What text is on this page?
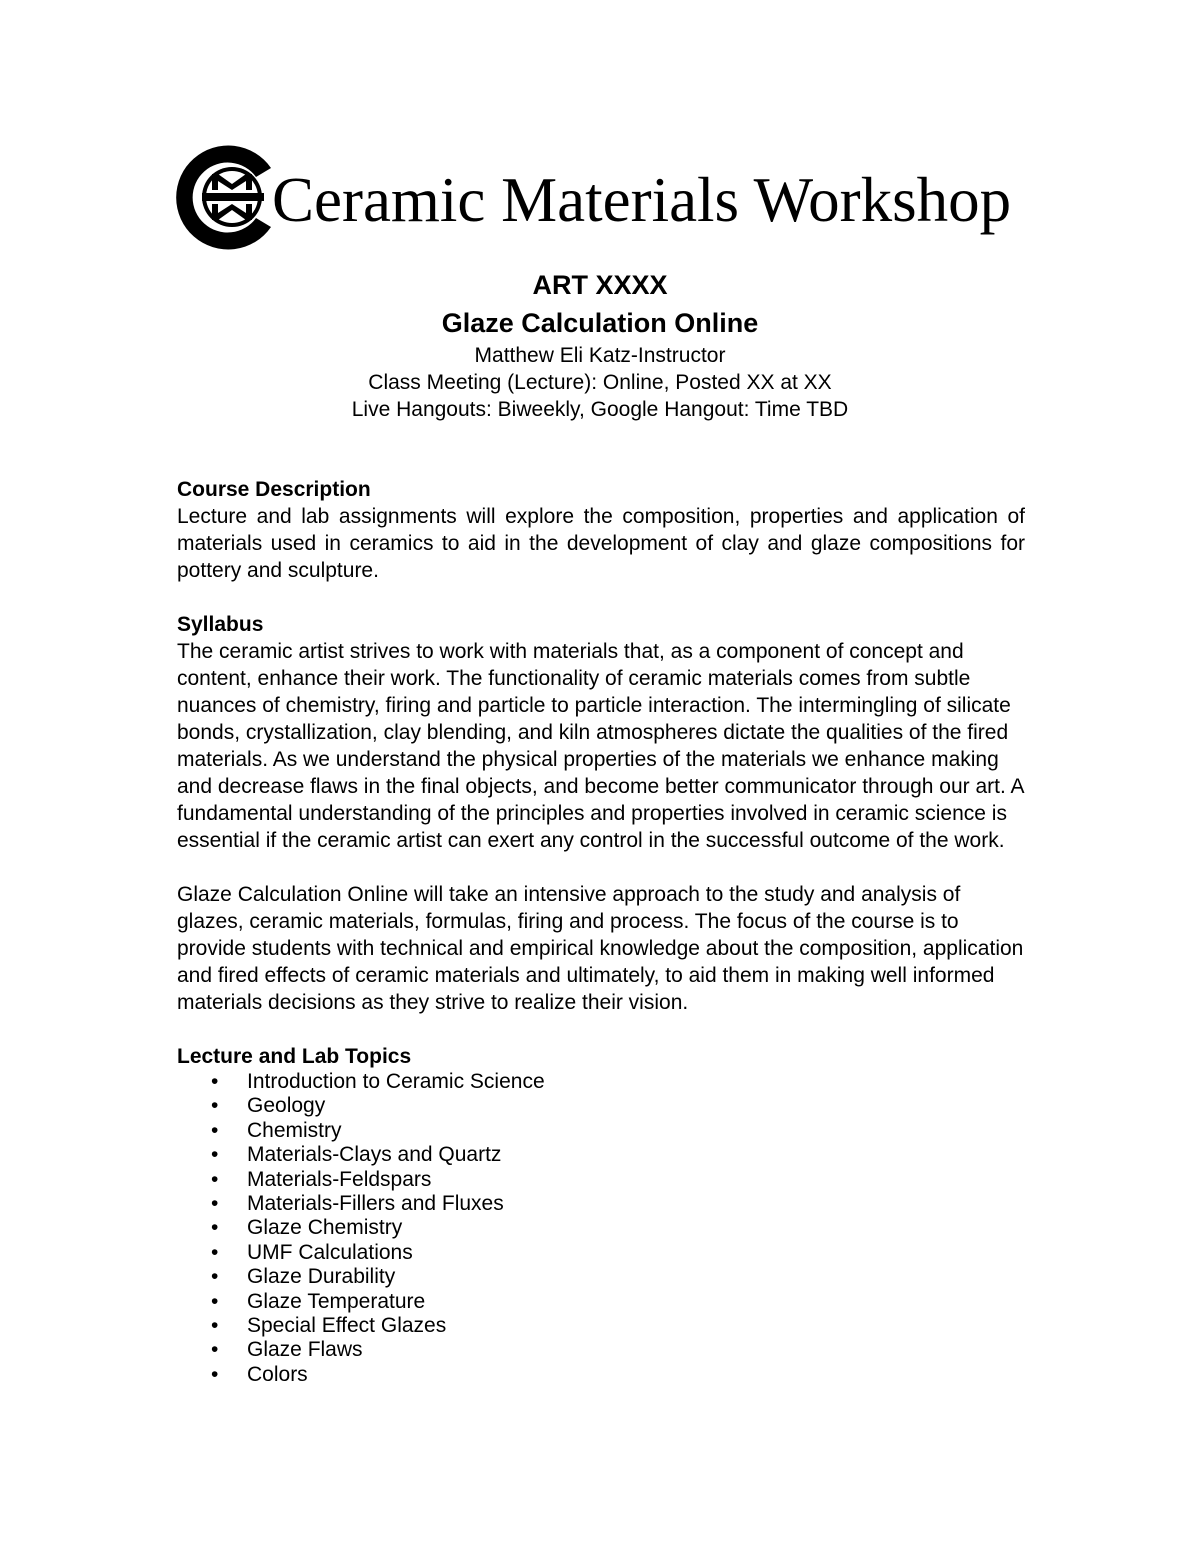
Ceramic Materials Workshop
ART XXXX
Glaze Calculation Online
Matthew Eli Katz-Instructor
Class Meeting (Lecture): Online, Posted XX at XX
Live Hangouts: Biweekly, Google Hangout: Time TBD
Course Description

Lecture and lab assignments will explore the composition, properties and application of materials used in ceramics to aid in the development of clay and glaze compositions for pottery and sculpture.

Syllabus

The ceramic artist strives to work with materials that, as a component of concept and content, enhance their work. The functionality of ceramic materials comes from subtle nuances of chemistry, firing and particle to particle interaction. The intermingling of silicate bonds, crystallization, clay blending, and kiln atmospheres dictate the qualities of the fired materials. As we understand the physical properties of the materials we enhance making and decrease flaws in the final objects, and become better communicator through our art. A fundamental understanding of the principles and properties involved in ceramic science is essential if the ceramic artist can exert any control in the successful outcome of the work.

Glaze Calculation Online will take an intensive approach to the study and analysis of glazes, ceramic materials, formulas, firing and process. The focus of the course is to provide students with technical and empirical knowledge about the composition, application and fired effects of ceramic materials and ultimately, to aid them in making well informed materials decisions as they strive to realize their vision.

Lecture and Lab Topics
• Introduction to Ceramic Science
• Geology
• Chemistry
• Materials-Clays and Quartz
• Materials-Feldspars
• Materials-Fillers and Fluxes
• Glaze Chemistry
• UMF Calculations
• Glaze Durability
• Glaze Temperature
• Special Effect Glazes
• Glaze Flaws
• Colors
